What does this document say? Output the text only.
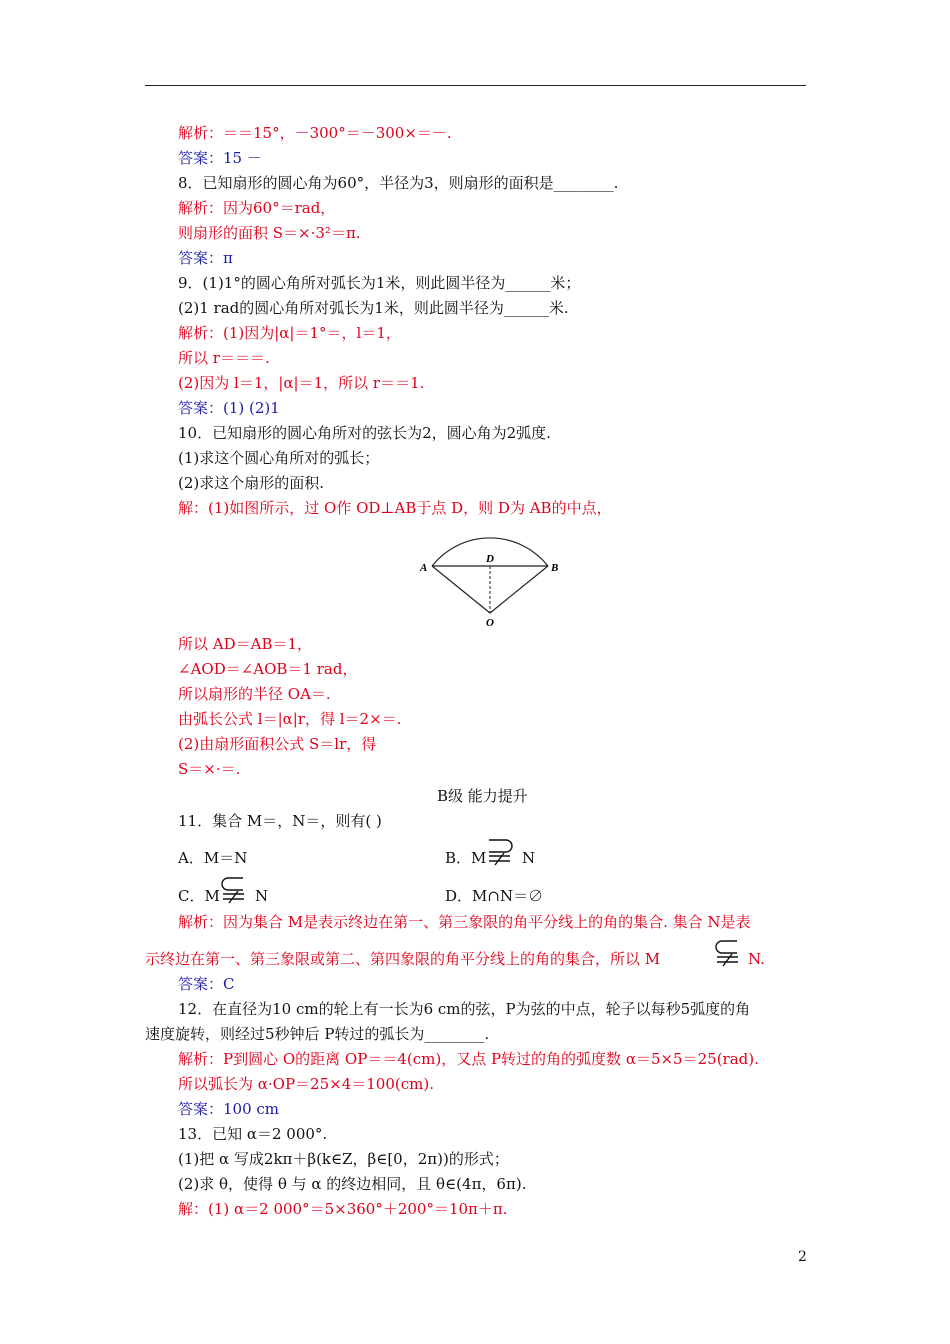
解析：＝＝15°，－300°＝－300×＝－.
答案：15 －
8．已知扇形的圆心角为60°，半径为3，则扇形的面积是________.
解析：因为60°＝rad，
则扇形的面积 S＝×·3²＝π.
答案：π
9．(1)1°的圆心角所对弧长为1米，则此圆半径为______米；
(2)1 rad的圆心角所对弧长为1米，则此圆半径为______米.
解析：(1)因为|α|＝1°＝，l＝1，
所以 r＝＝＝.
(2)因为 l＝1，|α|＝1，所以 r＝＝1.
答案：(1) (2)1
10．已知扇形的圆心角所对的弦长为2，圆心角为2弧度.
(1)求这个圆心角所对的弧长；
(2)求这个扇形的面积.
解：(1)如图所示，过 O作 OD⊥AB于点 D，则 D为 AB的中点，
所以 AD＝AB＝1，
∠AOD＝∠AOB＝1 rad，
所以扇形的半径 OA＝.
由弧长公式 l＝|α|r，得 l＝2×＝.
(2)由扇形面积公式 S＝lr，得
S＝×·＝.
B级 能力提升
11．集合 M＝，N＝，则有( )
A．M＝N	B．M N
C．M N	D．M∩N＝∅
解析：因为集合 M是表示终边在第一、第三象限的角平分线上的角的集合. 集合 N是表
示终边在第一、第三象限或第二、第四象限的角平分线上的角的集合，所以 M	N.
答案：C
12．在直径为10 cm的轮上有一长为6 cm的弦，P为弦的中点，轮子以每秒5弧度的角
速度旋转，则经过5秒钟后 P转过的弧长为________.
解析：P到圆心 O的距离 OP＝＝4(cm)，又点 P转过的角的弧度数 α＝5×5＝25(rad).
所以弧长为 α·OP＝25×4＝100(cm).
答案：100 cm
13．已知 α＝2 000°.
(1)把 α 写成2kπ＋β(k∈Z，β∈[0，2π))的形式；
(2)求 θ，使得 θ 与 α 的终边相同，且 θ∈(4π，6π).
解：(1) α＝2 000°＝5×360°＋200°＝10π＋π.
A	B
D
O
2
